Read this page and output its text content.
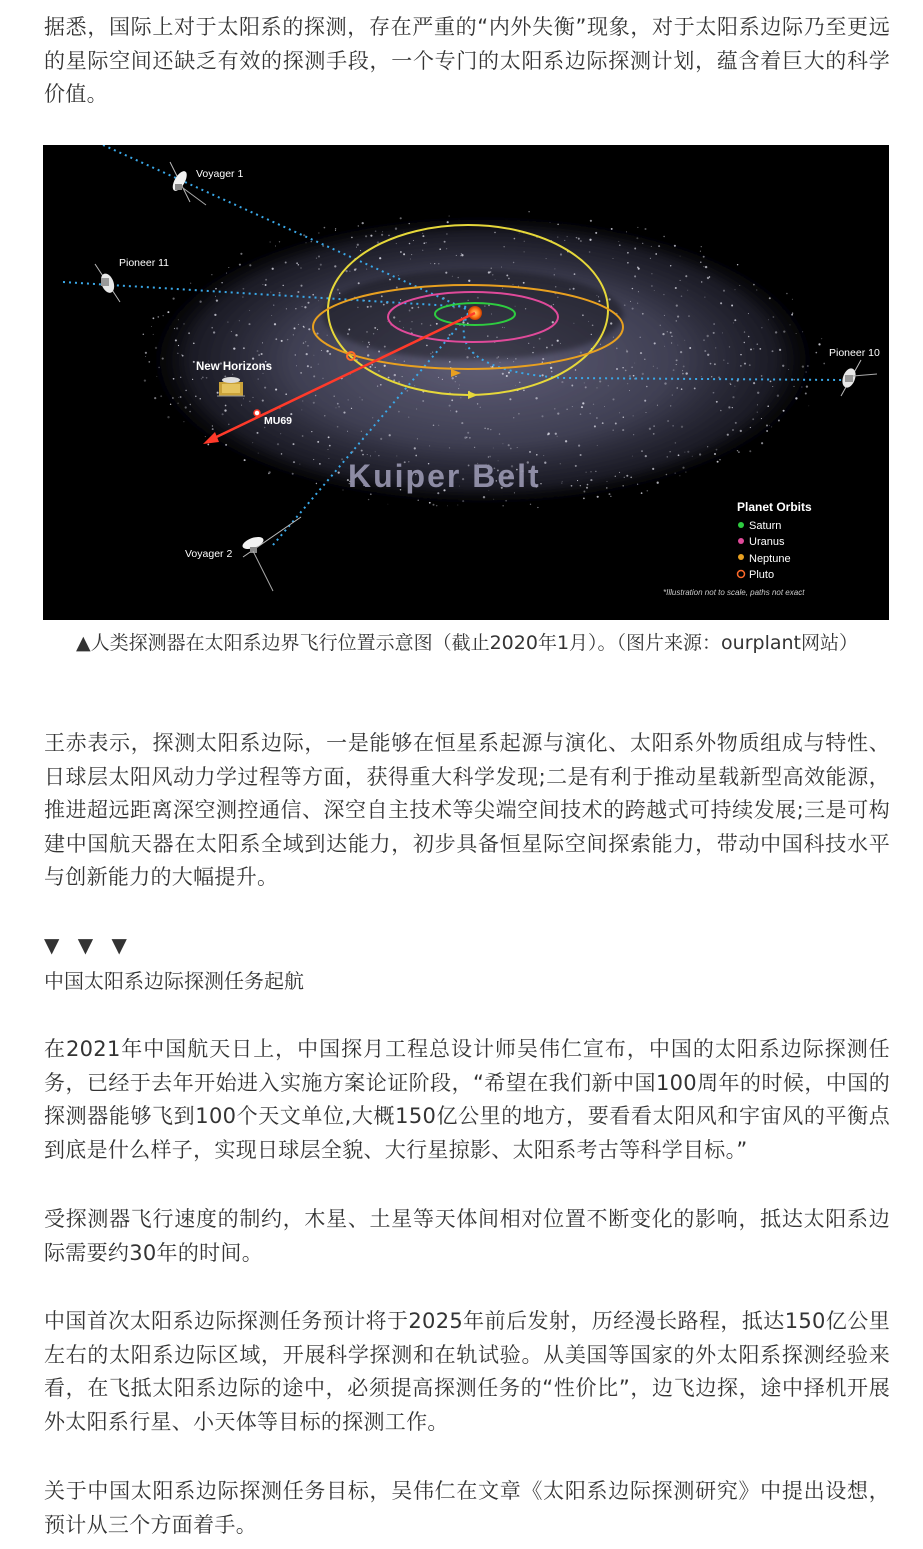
据悉，国际上对于太阳系的探测，存在严重的“内外失衡”现象，对于太阳系边际乃至更远的星际空间还缺乏有效的探测手段，一个专门的太阳系边际探测计划，蕴含着巨大的科学价值。

Voyager 1
Pioneer 11
Pioneer 10
Voyager 2
New Horizons
MU69
Kuiper Belt
Planet Orbits
Saturn
Uranus
Neptune
Pluto
*Illustration not to scale, paths not exact

▲人类探测器在太阳系边界飞行位置示意图（截止2020年1月）。（图片来源：ourplant网站）

王赤表示，探测太阳系边际，一是能够在恒星系起源与演化、太阳系外物质组成与特性、日球层太阳风动力学过程等方面，获得重大科学发现;二是有利于推动星载新型高效能源，推进超远距离深空测控通信、深空自主技术等尖端空间技术的跨越式可持续发展;三是可构建中国航天器在太阳系全域到达能力，初步具备恒星际空间探索能力，带动中国科技水平与创新能力的大幅提升。

▼ ▼ ▼
中国太阳系边际探测任务起航

在2021年中国航天日上，中国探月工程总设计师吴伟仁宣布，中国的太阳系边际探测任务，已经于去年开始进入实施方案论证阶段，“希望在我们新中国100周年的时候，中国的探测器能够飞到100个天文单位,大概150亿公里的地方，要看看太阳风和宇宙风的平衡点到底是什么样子，实现日球层全貌、大行星掠影、太阳系考古等科学目标。”

受探测器飞行速度的制约，木星、土星等天体间相对位置不断变化的影响，抵达太阳系边际需要约30年的时间。

中国首次太阳系边际探测任务预计将于2025年前后发射，历经漫长路程，抵达150亿公里左右的太阳系边际区域，开展科学探测和在轨试验。从美国等国家的外太阳系探测经验来看，在飞抵太阳系边际的途中，必须提高探测任务的“性价比”，边飞边探，途中择机开展外太阳系行星、小天体等目标的探测工作。

关于中国太阳系边际探测任务目标，吴伟仁在文章《太阳系边际探测研究》中提出设想，预计从三个方面着手。
